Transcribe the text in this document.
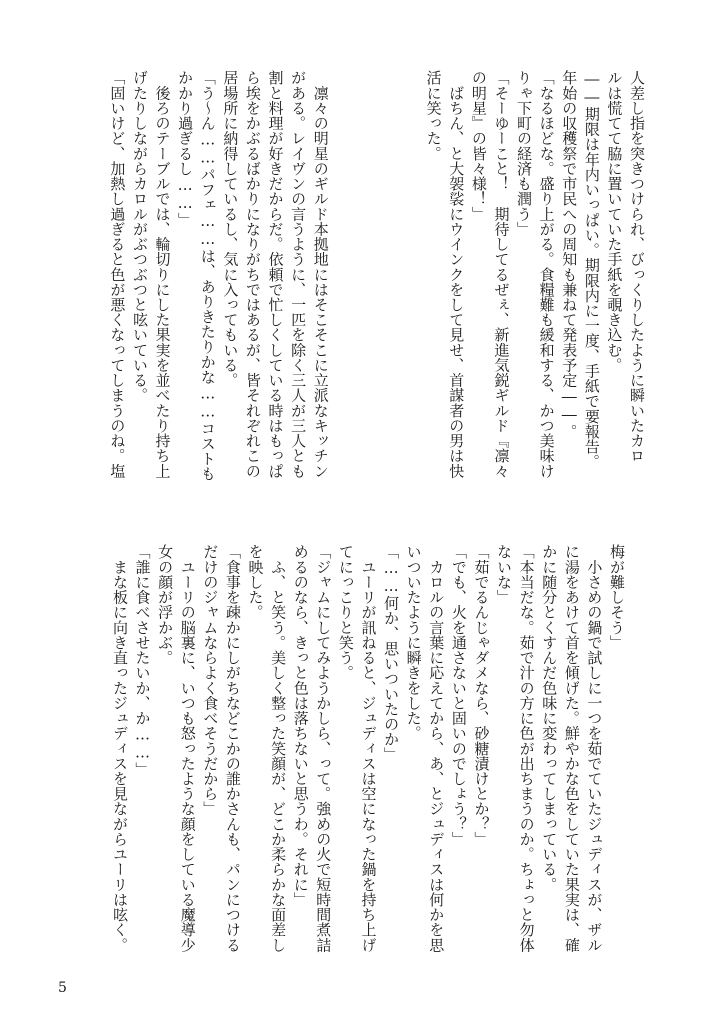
人差し指を突きつけられ、びっくりしたように瞬いたカロ
ルは慌てて脇に置いていた手紙を覗き込む。
――期限は年内いっぱい。期限内に一度、手紙で要報告。
年始の収穫祭で市民への周知も兼ねて発表予定――。
「なるほどな。盛り上がる。食糧難も緩和する、かつ美味け
りゃ下町の経済も潤う」
「そーゆーこと！　期待してるぜぇ、新進気鋭ギルド『凛々
の明星』の皆々様！」
　ばちん、と大袈裟にウインクをして見せ、首謀者の男は快
活に笑った。

　凛々の明星のギルド本拠地にはそこそこに立派なキッチン
がある。レイヴンの言うように、一匹を除く三人が三人とも
割と料理が好きだからだ。依頼で忙しくしている時はもっぱ
ら埃をかぶるばかりになりがちではあるが、皆それぞれこの
居場所に納得しているし、気に入ってもいる。
「う～ん……パフェ……は、ありきたりかな……コストも
かかり過ぎるし……」
　後ろのテーブルでは、輪切りにした果実を並べたり持ち上
げたりしながらカロルがぶつぶつと呟いている。
「固いけど、加熱し過ぎると色が悪くなってしまうのね。塩
梅が難しそう」
　小さめの鍋で試しに一つを茹でていたジュディスが、ザル
に湯をあけて首を傾げた。鮮やかな色をしていた果実は、確
かに随分とくすんだ色味に変わってしまっている。
「本当だな。茹で汁の方に色が出ちまうのか。ちょっと勿体
ないな」
「茹でるんじゃダメなら、砂糖漬けとか？」
「でも、火を通さないと固いのでしょう？」
　カロルの言葉に応えてから、あ、とジュディスは何かを思
いついたように瞬きをした。
「……何か、思いついたのか」
　ユーリが訊ねると、ジュディスは空になった鍋を持ち上げ
てにっこりと笑う。
「ジャムにしてみようかしら、って。強めの火で短時間煮詰
めるのなら、きっと色は落ちないと思うわ。それに」
　ふ、と笑う。美しく整った笑顔が、どこか柔らかな面差し
を映した。
「食事を疎かにしがちなどこかの誰かさんも、パンにつける
だけのジャムならよく食べそうだから」
　ユーリの脳裏に、いつも怒ったような顔をしている魔導少
女の顔が浮かぶ。
「誰に食べさせたいか、か……」
　まな板に向き直ったジュディスを見ながらユーリは呟く。
5
